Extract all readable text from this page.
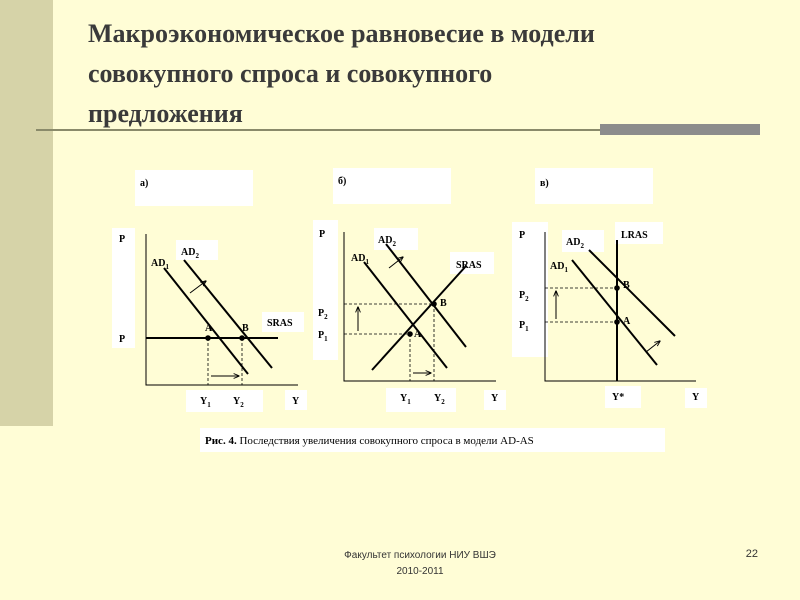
Макроэкономическое равновесие в модели
совокупного спроса и совокупного
предложения
а)
P
P
$AD_1$
$AD_2$
SRAS
A	B
$Y_1$ $Y_2$	Y
б)
P
$P_2$
$P_1$
$AD_1$
$AD_2$
SRAS
A
B
$Y_1$ $Y_2$	Y
в)
P
$P_2$
$P_1$
$AD_1$
$AD_2$
LRAS
B
A
Y*	Y
Рис. 4. Последствия увеличения совокупного спроса в модели AD-AS
Факультет психологии НИУ ВШЭ
2010-2011
22
